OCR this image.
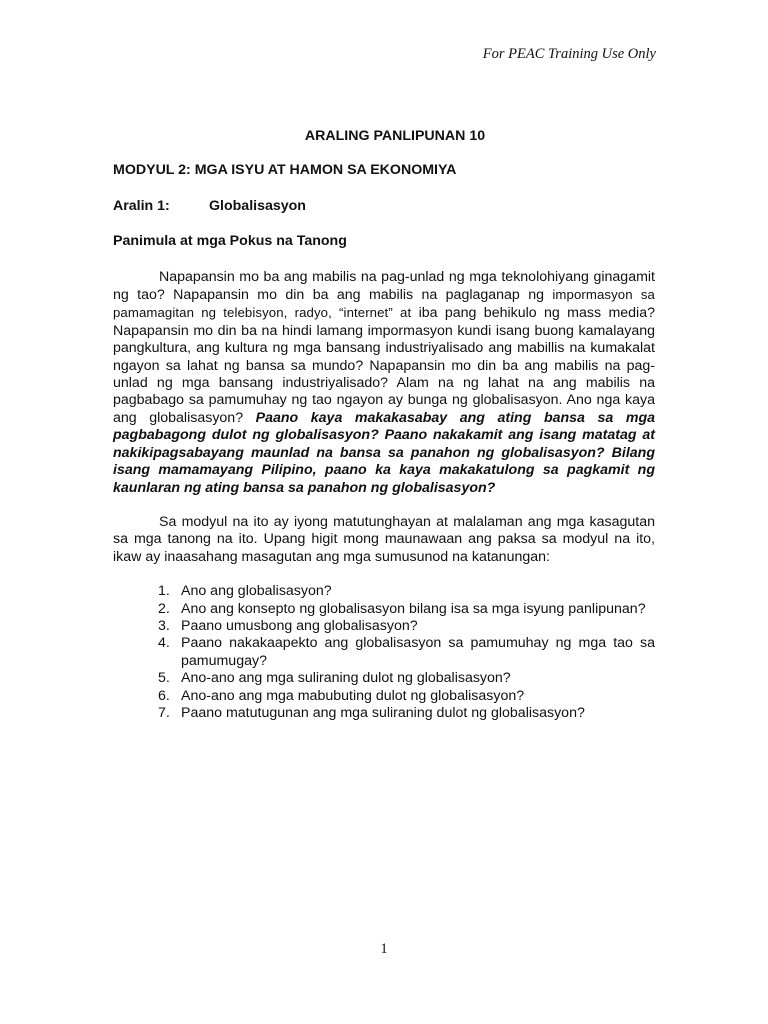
For PEAC Training Use Only
ARALING PANLIPUNAN 10
MODYUL 2: MGA ISYU AT HAMON SA EKONOMIYA
Aralin 1:	Globalisasyon
Panimula at mga Pokus na Tanong

Napapansin mo ba ang mabilis na pag-unlad ng mga teknolohiyang ginagamit ng tao? Napapansin mo din ba ang mabilis na paglaganap ng impormasyon sa pamamagitan ng telebisyon, radyo, “internet” at iba pang behikulo ng mass media? Napapansin mo din ba na hindi lamang impormasyon kundi isang buong kamalayang pangkultura, ang kultura ng mga bansang industriyalisado ang mabillis na kumakalat ngayon sa lahat ng bansa sa mundo? Napapansin mo din ba ang mabilis na pag-unlad ng mga bansang industriyalisado? Alam na ng lahat na ang mabilis na pagbabago sa pamumuhay ng tao ngayon ay bunga ng globalisasyon. Ano nga kaya ang globalisasyon? Paano kaya makakasabay ang ating bansa sa mga pagbabagong dulot ng globalisasyon? Paano nakakamit ang isang matatag at nakikipagsabayang maunlad na bansa sa panahon ng globalisasyon? Bilang isang mamamayang Pilipino, paano ka kaya makakatulong sa pagkamit ng kaunlaran ng ating bansa sa panahon ng globalisasyon?

Sa modyul na ito ay iyong matutunghayan at malalaman ang mga kasagutan sa mga tanong na ito. Upang higit mong maunawaan ang paksa sa modyul na ito, ikaw ay inaasahang masagutan ang mga sumusunod na katanungan:

1. Ano ang globalisasyon?
2. Ano ang konsepto ng globalisasyon bilang isa sa mga isyung panlipunan?
3. Paano umusbong ang globalisasyon?
4. Paano nakakaapekto ang globalisasyon sa pamumuhay ng mga tao sa pamumugay?
5. Ano-ano ang mga suliraning dulot ng globalisasyon?
6. Ano-ano ang mga mabubuting dulot ng globalisasyon?
7. Paano matutugunan ang mga suliraning dulot ng globalisasyon?
1
